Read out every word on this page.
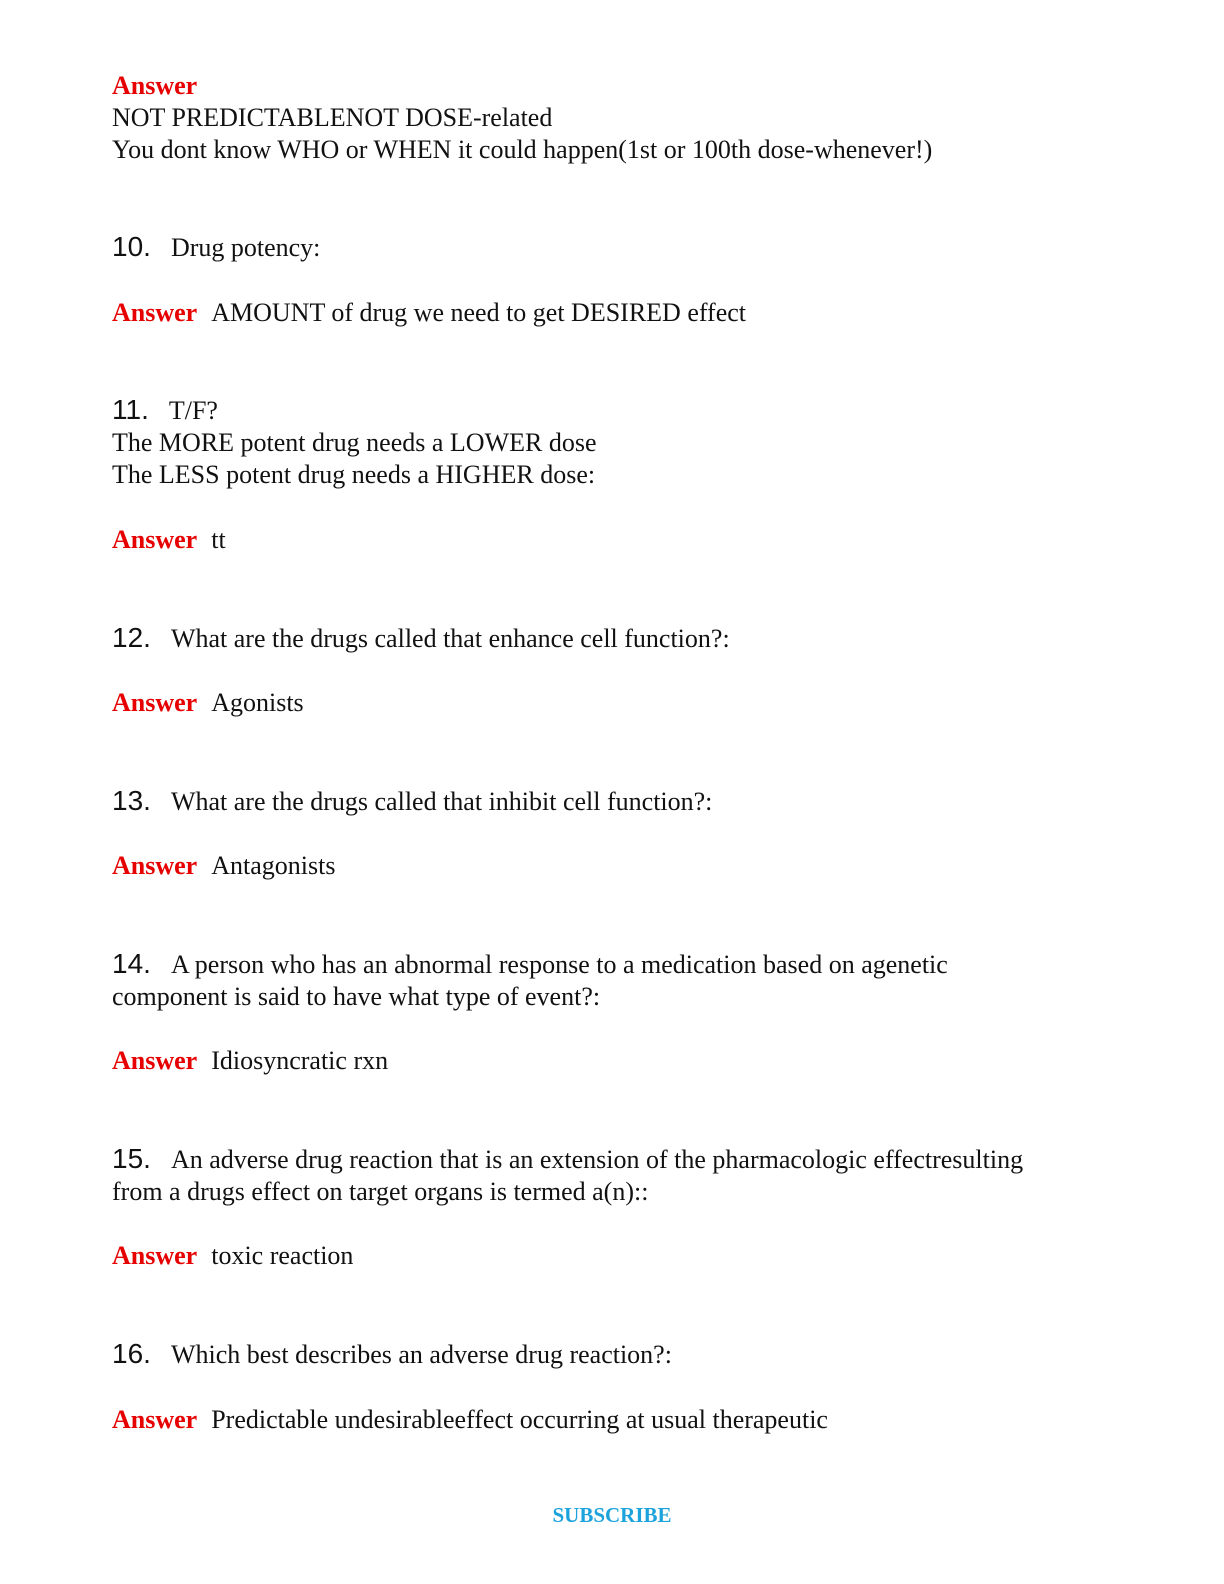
Answer
NOT PREDICTABLENOT DOSE-related
You dont know WHO or WHEN it could happen(1st or 100th dose-whenever!)
10. Drug potency:
Answer AMOUNT of drug we need to get DESIRED effect
11. T/F?
The MORE potent drug needs a LOWER dose
The LESS potent drug needs a HIGHER dose:
Answer tt
12. What are the drugs called that enhance cell function?:
Answer Agonists
13. What are the drugs called that inhibit cell function?:
Answer Antagonists
14. A person who has an abnormal response to a medication based on agenetic
component is said to have what type of event?:
Answer Idiosyncratic rxn
15. An adverse drug reaction that is an extension of the pharmacologic effectresulting
from a drugs effect on target organs is termed a(n)::
Answer toxic reaction
16. Which best describes an adverse drug reaction?:
Answer Predictable undesirableeffect occurring at usual therapeutic
SUBSCRIBE
